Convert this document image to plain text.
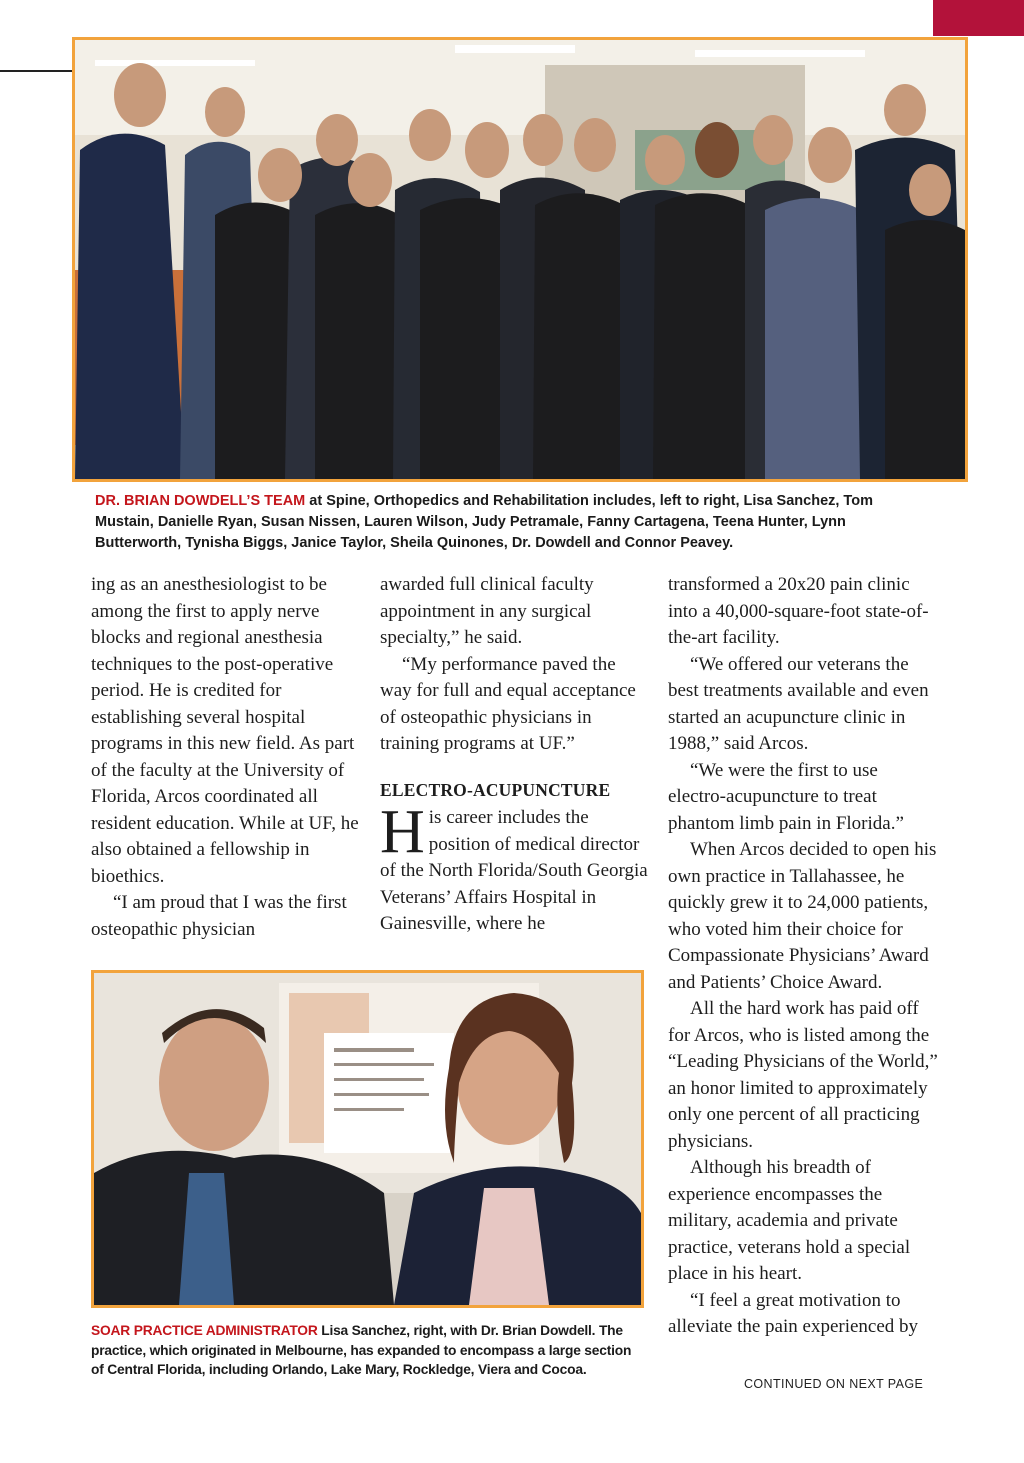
DR. BRIAN DOWDELL’S TEAM at Spine, Orthopedics and Rehabilitation includes, left to right, Lisa Sanchez, Tom Mustain, Danielle Ryan, Susan Nissen, Lauren Wilson, Judy Petramale, Fanny Cartagena, Teena Hunter, Lynn Butterworth, Tynisha Biggs, Janice Taylor, Sheila Quinones, Dr. Dowdell and Connor Peavey.

ing as an anesthesiologist to be among the first to apply nerve blocks and regional anesthesia techniques to the post-operative period. He is credited for establishing several hospital programs in this new field. As part of the faculty at the University of Florida, Arcos coordinated all resident education. While at UF, he also obtained a fellowship in bioethics.

“I am proud that I was the first osteopathic physician

awarded full clinical faculty appointment in any surgical specialty,” he said.

“My performance paved the way for full and equal acceptance of osteopathic physicians in training programs at UF.”

ELECTRO-ACUPUNCTURE

His career includes the position of medical director of the North Florida/South Georgia Veterans’ Affairs Hospital in Gainesville, where he

transformed a 20x20 pain clinic into a 40,000-square-foot state-of-the-art facility.

“We offered our veterans the best treatments available and even started an acupuncture clinic in 1988,” said Arcos.

“We were the first to use electro-acupuncture to treat phantom limb pain in Florida.”

When Arcos decided to open his own practice in Tallahassee, he quickly grew it to 24,000 patients, who voted him their choice for Compassionate Physicians’ Award and Patients’ Choice Award.

All the hard work has paid off for Arcos, who is listed among the “Leading Physicians of the World,” an honor limited to approximately only one percent of all practicing physicians.

Although his breadth of experience encompasses the military, academia and private practice, veterans hold a special place in his heart.

“I feel a great motivation to alleviate the pain experienced by

SOAR PRACTICE ADMINISTRATOR Lisa Sanchez, right, with Dr. Brian Dowdell. The practice, which originated in Melbourne, has expanded to encompass a large section of Central Florida, including Orlando, Lake Mary, Rockledge, Viera and Cocoa.
CONTINUED ON NEXT PAGE
